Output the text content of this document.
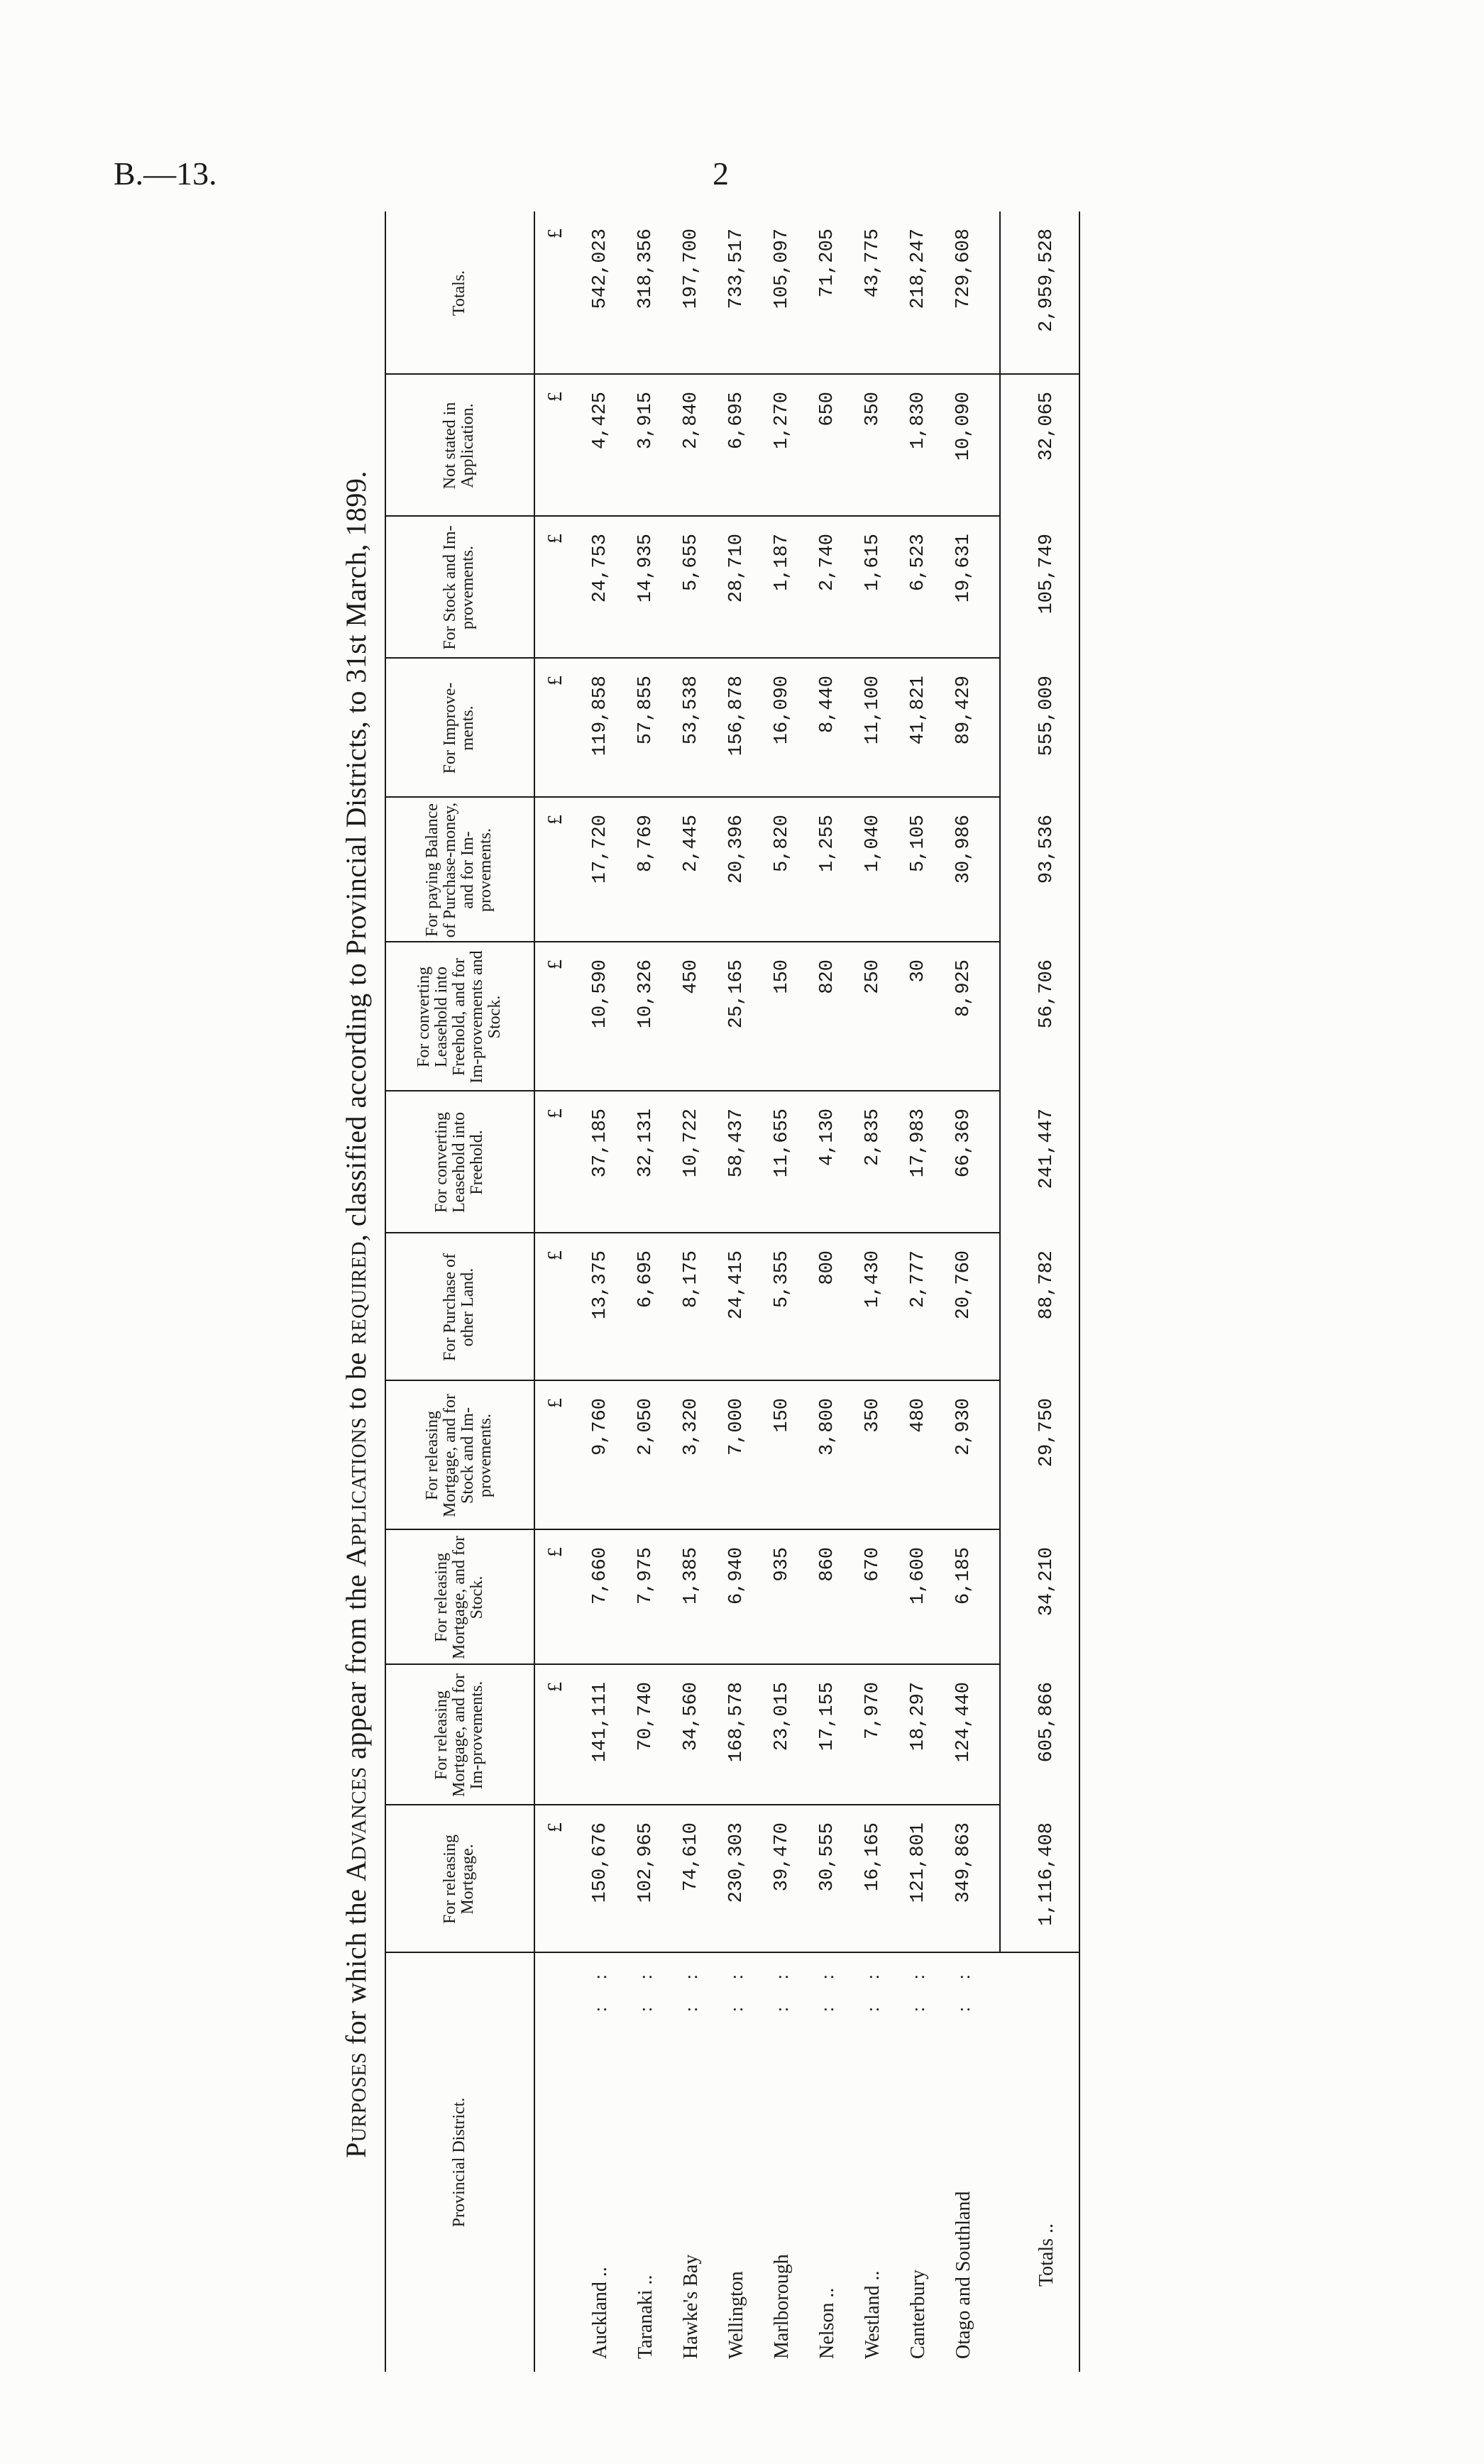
B.—13.	2
Purposes for which the Advances appear from the Applications to be required, classified according to Provincial Districts, to 31st March, 1899.
Provincial District.
For releasing Mortgage.
£
For releasing Mortgage, and for Im-provements.	£
For releasing Mortgage, and for Stock.
£
For releasing Mortgage, and for Stock and Im-provements.
£
For Purchase of other Land.
£
For converting Leasehold into Freehold.
£
For converting Leasehold into Freehold, and for Im-provements and Stock.
£
For paying Balance of Purchase-money, and for Im-provements.
£
For Improve-ments.
£
For Stock and Im-provements.
£
Not stated in Application.
£
Totals.
£
Auckland ..
: :
150,676
141,111
7,660
9,760
13,375
37,185
10,590
17,720
119,858
24,753
4,425
542,023
Taranaki ..
: :
102,965
70,740
7,975
2,050
6,695
32,131
10,326
8,769
57,855
14,935
3,915
318,356
Hawke's Bay
: :
74,610
34,560
1,385
3,320
8,175
10,722
450
2,445
53,538
5,655
2,840
197,700
Wellington
: :
230,303
168,578
6,940
7,000
24,415
58,437
25,165
20,396
156,878
28,710
6,695
733,517
Marlborough
: :
39,470
23,015
935
150
5,355
11,655
150
5,820
16,090
1,187
1,270
105,097
Nelson ..
: :
30,555
17,155
860
3,800
800
4,130
820
1,255
8,440
2,740
650
71,205
Westland ..
: :
16,165
7,970
670
350
1,430
2,835
250
1,040
11,100
1,615
350
43,775
Canterbury
: :
121,801
18,297
1,600
480
2,777
17,983
30
5,105
41,821
6,523
1,830
218,247
Otago and Southland
: :
349,863
124,440
6,185
2,930
20,760
66,369
8,925
30,986
89,429
19,631
10,090
729,608
Totals ..
1,116,408
605,866
34,210
29,750
88,782
241,447
56,706
93,536
555,009
105,749
32,065
2,959,528
